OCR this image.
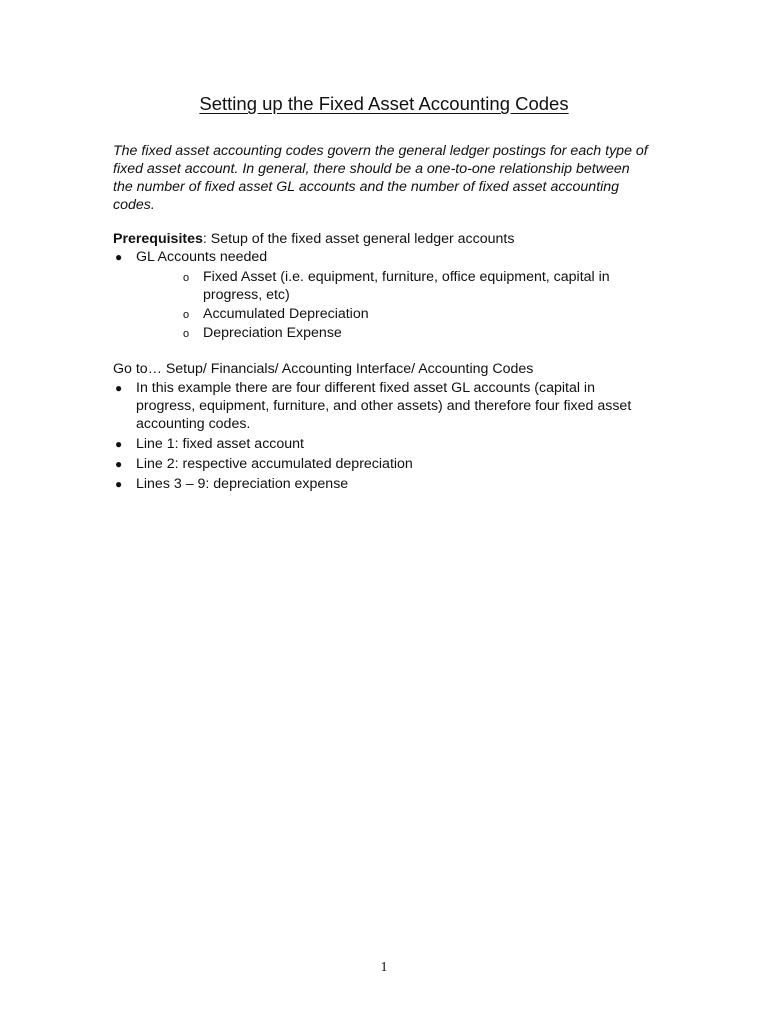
Setting up the Fixed Asset Accounting Codes

The fixed asset accounting codes govern the general ledger postings for each type of fixed asset account. In general, there should be a one-to-one relationship between the number of fixed asset GL accounts and the number of fixed asset accounting codes.

Prerequisites: Setup of the fixed asset general ledger accounts

● GL Accounts needed
o Fixed Asset (i.e. equipment, furniture, office equipment, capital in progress, etc)
o Accumulated Depreciation
o Depreciation Expense

Go to… Setup/ Financials/ Accounting Interface/ Accounting Codes

● In this example there are four different fixed asset GL accounts (capital in progress, equipment, furniture, and other assets) and therefore four fixed asset accounting codes.
● Line 1: fixed asset account
● Line 2: respective accumulated depreciation
● Lines 3 – 9: depreciation expense
1
